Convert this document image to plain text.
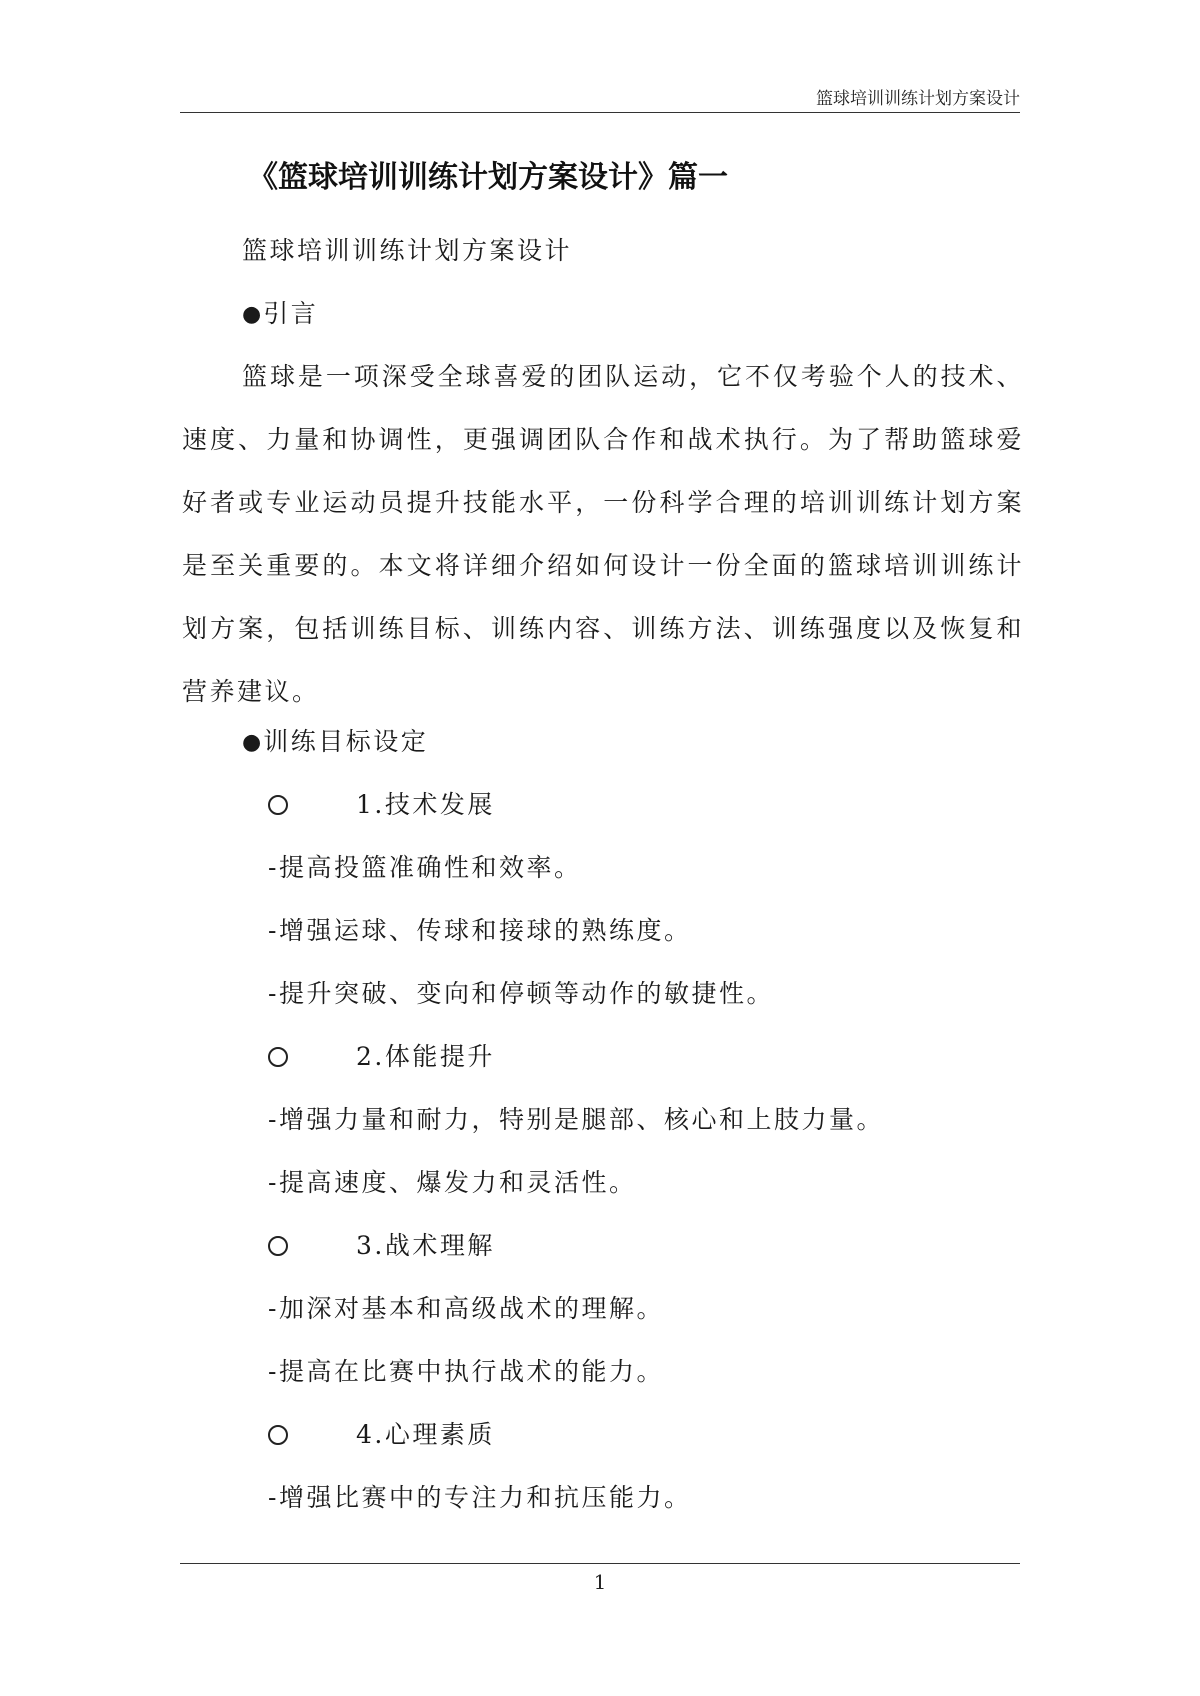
篮球培训训练计划方案设计
《篮球培训训练计划方案设计》篇一
篮球培训训练计划方案设计
●引言

篮球是一项深受全球喜爱的团队运动，它不仅考验个人的技术、速度、力量和协调性，更强调团队合作和战术执行。为了帮助篮球爱好者或专业运动员提升技能水平，一份科学合理的培训训练计划方案是至关重要的。本文将详细介绍如何设计一份全面的篮球培训训练计划方案，包括训练目标、训练内容、训练方法、训练强度以及恢复和营养建议。

●训练目标设定
1.技术发展
-提高投篮准确性和效率。
-增强运球、传球和接球的熟练度。
-提升突破、变向和停顿等动作的敏捷性。
2.体能提升
-增强力量和耐力，特别是腿部、核心和上肢力量。
-提高速度、爆发力和灵活性。
3.战术理解
-加深对基本和高级战术的理解。
-提高在比赛中执行战术的能力。
4.心理素质
-增强比赛中的专注力和抗压能力。
1
